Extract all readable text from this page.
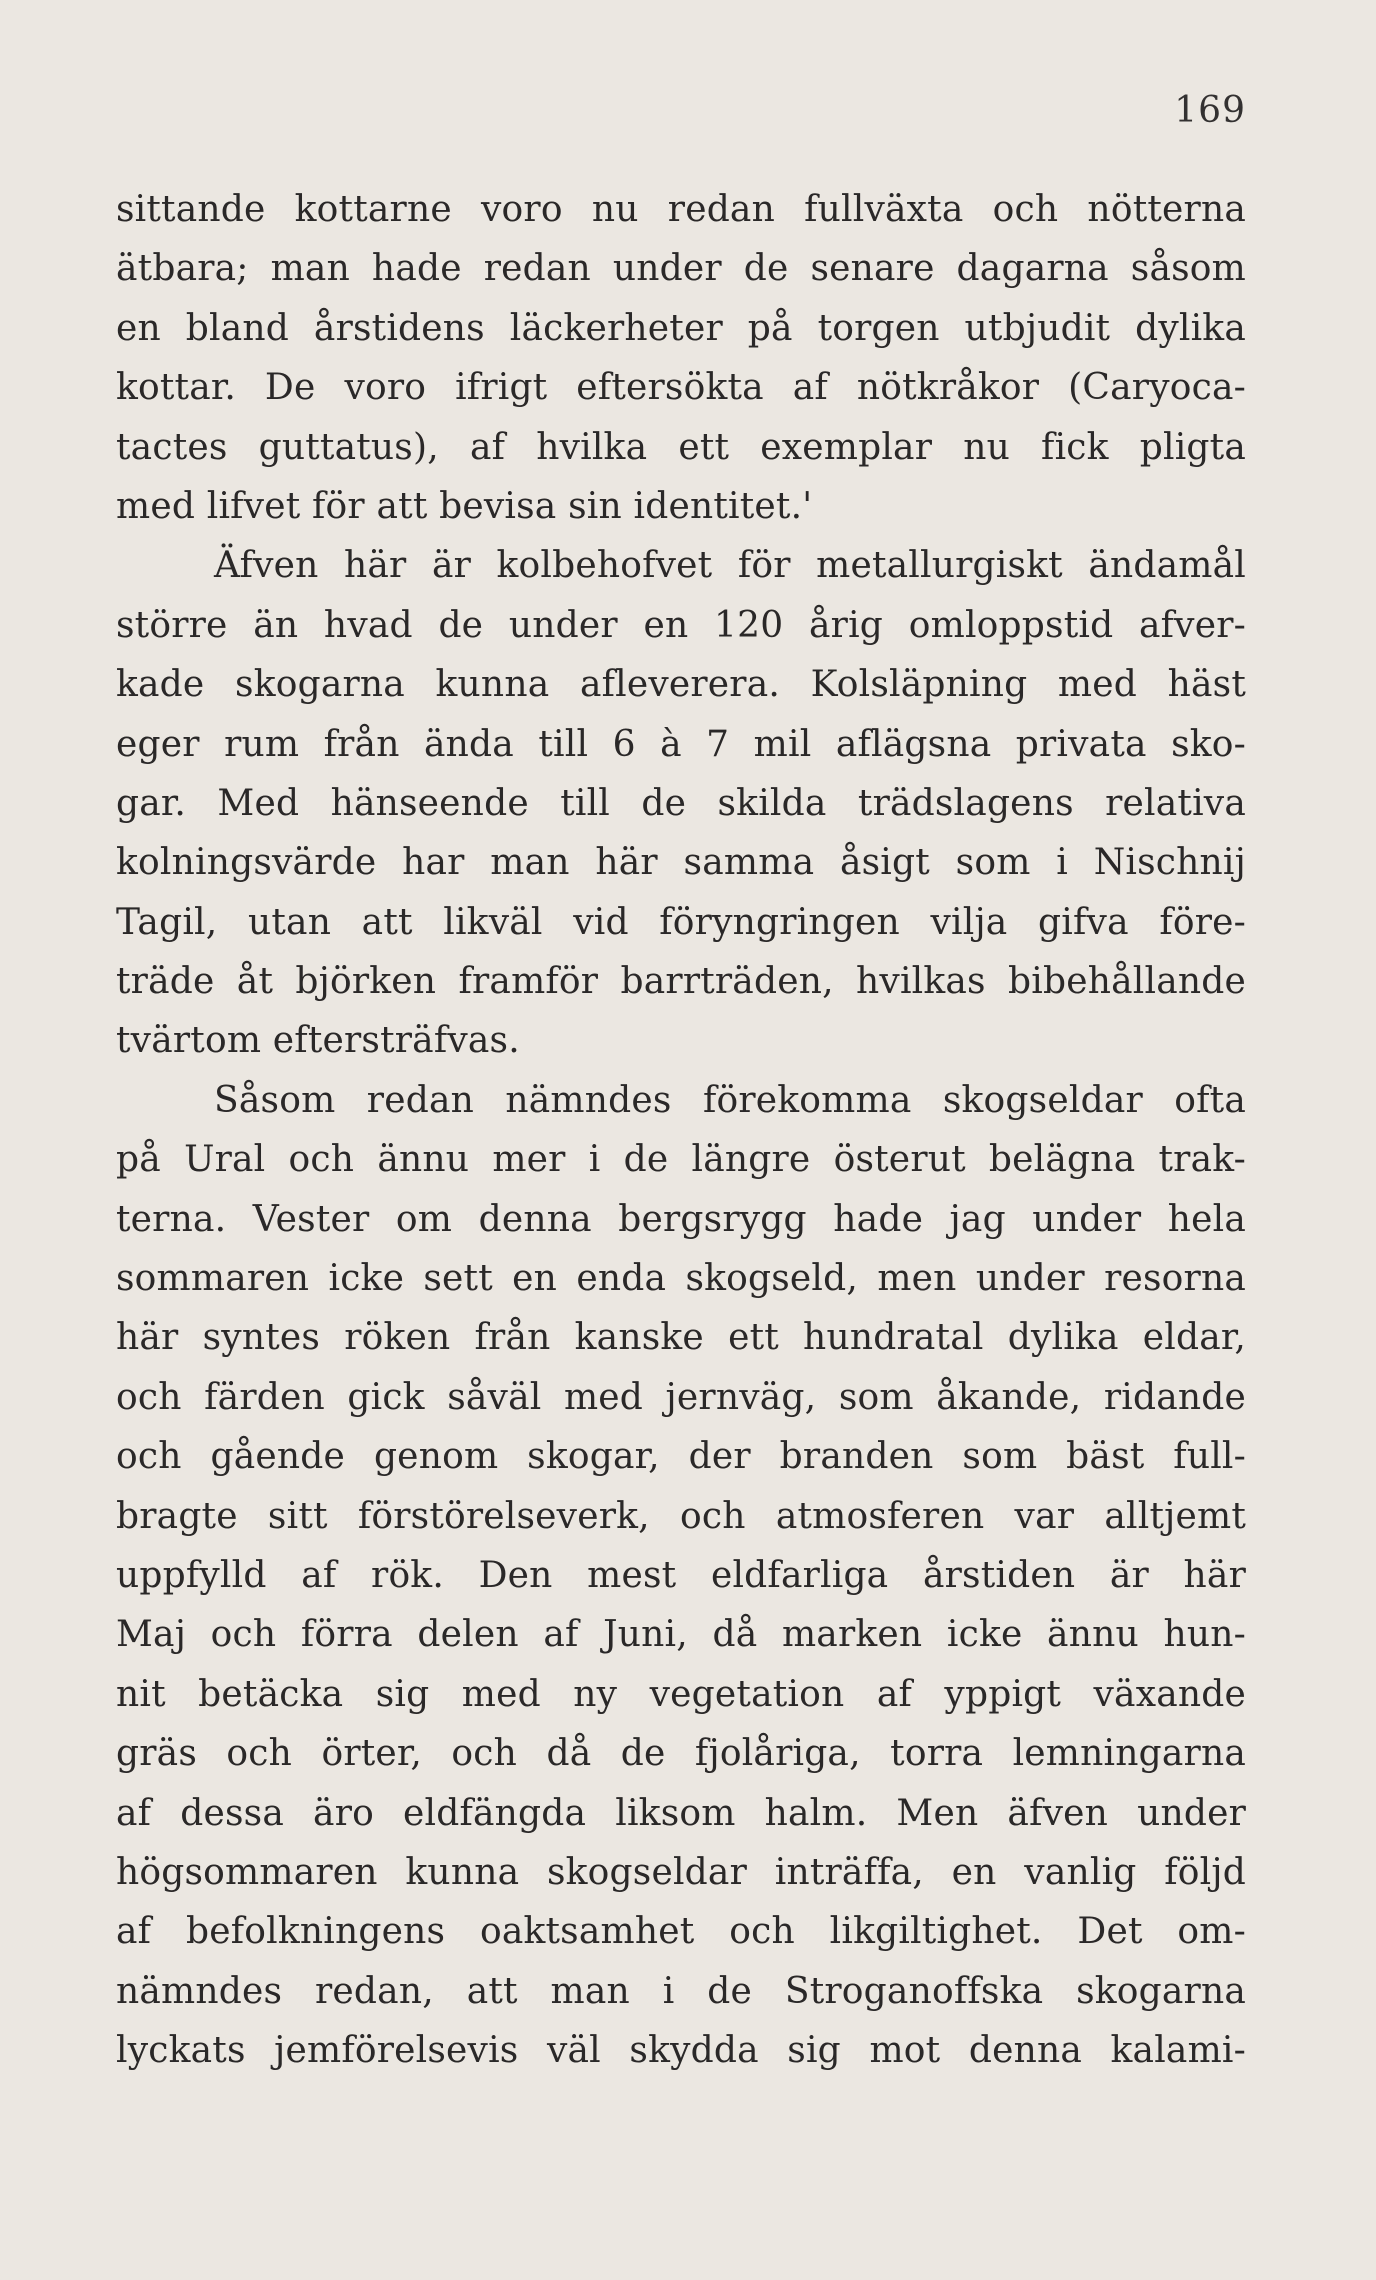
169
sittande kottarne voro nu redan fullväxta och nötterna
ätbara; man hade redan under de senare dagarna såsom
en bland årstidens läckerheter på torgen utbjudit dylika
kottar. De voro ifrigt eftersökta af nötkråkor (Caryoca-
tactes guttatus), af hvilka ett exemplar nu fick pligta
med lifvet för att bevisa sin identitet.'
Äfven här är kolbehofvet för metallurgiskt ändamål
större än hvad de under en 120 årig omloppstid afver-
kade skogarna kunna afleverera. Kolsläpning med häst
eger rum från ända till 6 à 7 mil aflägsna privata sko-
gar. Med hänseende till de skilda trädslagens relativa
kolningsvärde har man här samma åsigt som i Nischnij
Tagil, utan att likväl vid föryngringen vilja gifva före-
träde åt björken framför barrträden, hvilkas bibehållande
tvärtom eftersträfvas.
Såsom redan nämndes förekomma skogseldar ofta
på Ural och ännu mer i de längre österut belägna trak-
terna. Vester om denna bergsrygg hade jag under hela
sommaren icke sett en enda skogseld, men under resorna
här syntes röken från kanske ett hundratal dylika eldar,
och färden gick såväl med jernväg, som åkande, ridande
och gående genom skogar, der branden som bäst full-
bragte sitt förstörelseverk, och atmosferen var alltjemt
uppfylld af rök. Den mest eldfarliga årstiden är här
Maj och förra delen af Juni, då marken icke ännu hun-
nit betäcka sig med ny vegetation af yppigt växande
gräs och örter, och då de fjolåriga, torra lemningarna
af dessa äro eldfängda liksom halm. Men äfven under
högsommaren kunna skogseldar inträffa, en vanlig följd
af befolkningens oaktsamhet och likgiltighet. Det om-
nämndes redan, att man i de Stroganoffska skogarna
lyckats jemförelsevis väl skydda sig mot denna kalami-
